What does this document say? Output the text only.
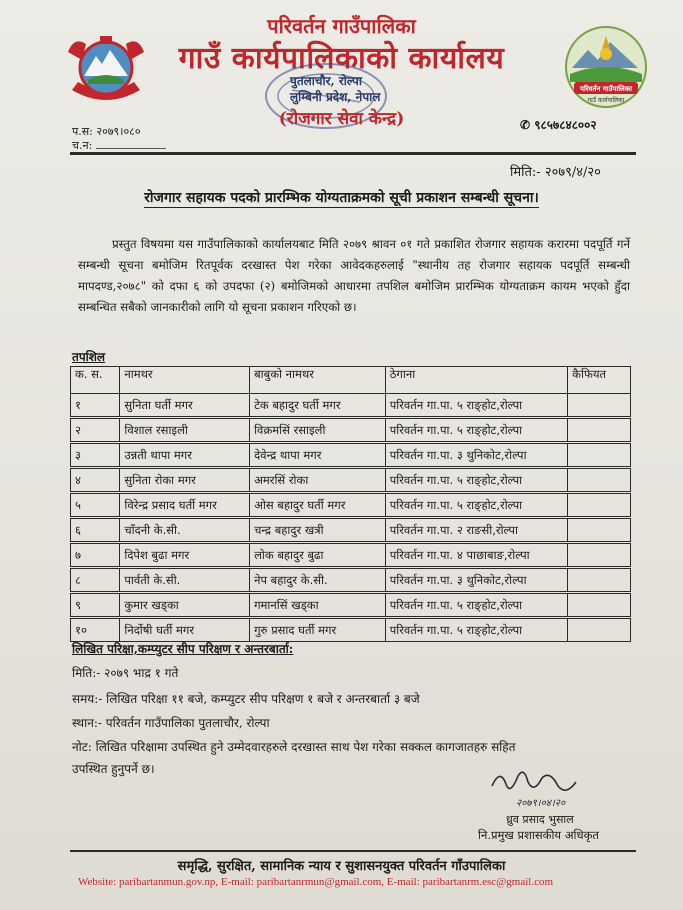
परिवर्तन गाउँपालिका
गाउँ कार्यपालिका
परिवर्तन गाउँपालिका
गाउँ कार्यपालिकाको कार्यालय
पुतलाचौर, रोल्पा
लुम्बिनी प्रदेश, नेपाल
(रोजगार सेवा केन्द्र)
प.स: २०७९।०८०
च.न:
✆ ९८५७८४८००२
मिति:- २०७९/४/२०
रोजगार सहायक पदको प्रारम्भिक योग्यताक्रमको सूची प्रकाशन सम्बन्धी सूचना।
प्रस्तुत विषयमा यस गाउँपालिकाको कार्यालयबाट मिति २०७९ श्रावन ०१ गते प्रकाशित रोजगार सहायक करारमा पदपूर्ति गर्ने सम्बन्धी सूचना बमोजिम रितपूर्वक दरखास्त पेश गरेका आवेदकहरुलाई "स्थानीय तह रोजगार सहायक पदपूर्ति सम्बन्धी मापदण्ड,२०७८" को दफा ६ को उपदफा (२) बमोजिमको आधारमा तपशिल बमोजिम प्रारम्भिक योग्यताक्रम कायम भएको हुँदा सम्बन्धित सबैको जानकारीको लागि यो सूचना प्रकाशन गरिएको छ।
तपशिल
क. स.	नामथर	बाबुको नामथर	ठेगाना	कैफियत
१	सुनिता घर्ती मगर	टेक बहादुर घर्ती मगर	परिवर्तन गा.पा. ५ राङ्होट,रोल्पा	
२	विशाल रसाइली	विक्रमसिं रसाइली	परिवर्तन गा.पा. ५ राङ्होट,रोल्पा	
३	उन्नती थापा मगर	देवेन्द्र थापा मगर	परिवर्तन गा.पा. ३ थुनिकोट,रोल्पा	
४	सुनिता रोका मगर	अमरसिं रोका	परिवर्तन गा.पा. ५ राङ्होट,रोल्पा	
५	विरेन्द्र प्रसाद घर्ती मगर	ओस बहादुर घर्ती मगर	परिवर्तन गा.पा. ५ राङ्होट,रोल्पा	
६	चाँदनी के.सी.	चन्द्र बहादुर खत्री	परिवर्तन गा.पा. २ राङसी,रोल्पा	
७	दिपेश बुढा मगर	लोक बहादुर बुढा	परिवर्तन गा.पा. ४ पाछाबाङ,रोल्पा	
८	पार्वती के.सी.	नेप बहादुर के.सी.	परिवर्तन गा.पा. ३ थुनिकोट,रोल्पा	
९	कुमार खड्का	गमानसिं खड्का	परिवर्तन गा.पा. ५ राङ्होट,रोल्पा	
१०	निर्दोषी घर्ती मगर	गुरु प्रसाद घर्ती मगर	परिवर्तन गा.पा. ५ राङ्होट,रोल्पा	
लिखित परिक्षा,कम्प्युटर सीप परिक्षण र अन्तरबार्ता:
मिति:- २०७९ भाद्र १ गते
समय:- लिखित परिक्षा ११ बजे, कम्प्युटर सीप परिक्षण १ बजे र अन्तरबार्ता ३ बजे
स्थान:- परिवर्तन गाउँपालिका पुतलाचौर, रोल्पा
नोट: लिखित परिक्षामा उपस्थित हुने उम्मेदवारहरुले दरखास्त साथ पेश गरेका सक्कल कागजातहरु सहित
उपस्थित हुनुपर्ने छ।
२०७९।०४।२०
ध्रुव प्रसाद भुसाल
नि.प्रमुख प्रशासकीय अधिकृत
समृद्धि, सुरक्षित, सामानिक न्याय र सुशासनयुक्त परिवर्तन गाँउपालिका
Website: paribartanmun.gov.np, E-mail: paribartanrmun@gmail.com, E-mail: paribartanrm.esc@gmail.com
